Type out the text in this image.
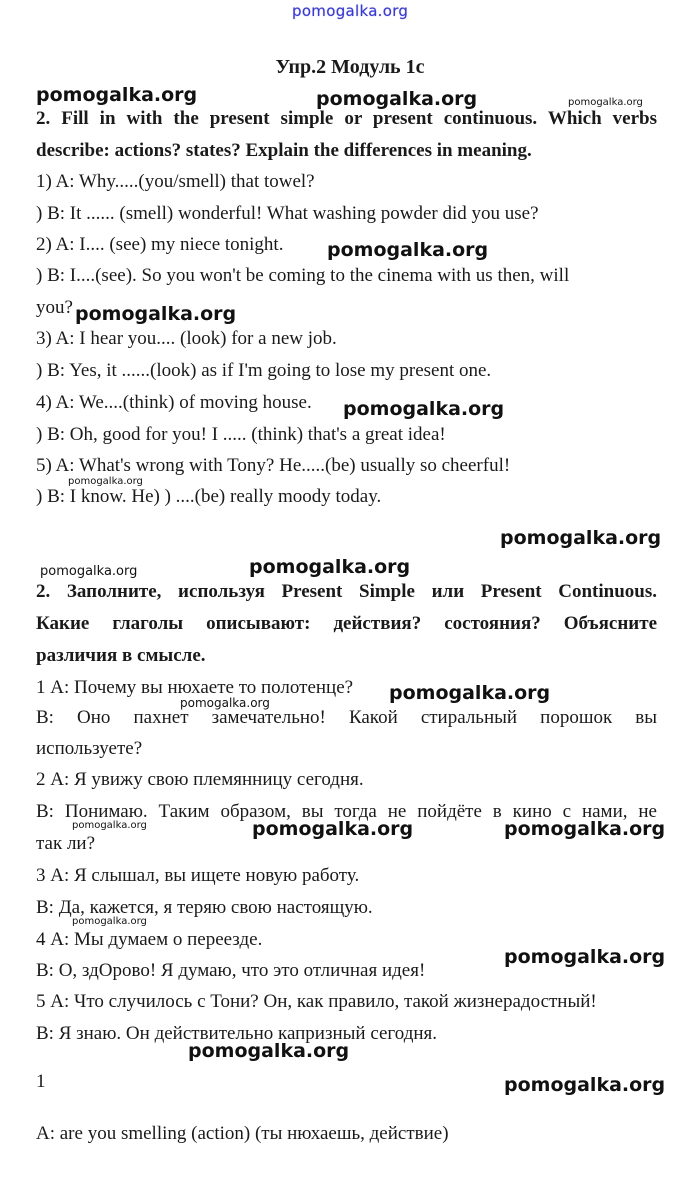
pomogalka.org
Упр.2 Модуль 1с
2. Fill in with the present simple or present continuous. Which verbs
describe: actions? states? Explain the differences in meaning.
1) A: Why.....(you/smell) that towel?
) B: It ...... (smell) wonderful! What washing powder did you use?
2) A: I.... (see) my niece tonight.
) B: I....(see). So you won't be coming to the cinema with us then, will
you?
3) A: I hear you.... (look) for a new job.
) B: Yes, it ......(look) as if I'm going to lose my present one.
4) A: We....(think) of moving house.
) B: Oh, good for you! I ..... (think) that's a great idea!
5) A: What's wrong with Tony? He.....(be) usually so cheerful!
) B: I know. He) ) ....(be) really moody today.
2. Заполните, используя Present Simple или Present Continuous.
Какие глаголы описывают: действия? состояния? Объясните
различия в смысле.
1 А: Почему вы нюхаете то полотенце?
В: Оно пахнет замечательно! Какой стиральный порошок вы
используете?
2 А: Я увижу свою племянницу сегодня.
В: Понимаю. Таким образом, вы тогда не пойдёте в кино с нами, не
так ли?
3 А: Я слышал, вы ищете новую работу.
В: Да, кажется, я теряю свою настоящую.
4 А: Мы думаем о переезде.
В: О, здОрово! Я думаю, что это отличная идея!
5 А: Что случилось с Тони? Он, как правило, такой жизнерадостный!
В: Я знаю. Он действительно капризный сегодня.
1
A: are you smelling (action) (ты нюхаешь, действие)
pomogalka.org	pomogalka.org	pomogalka.org
pomogalka.org
pomogalka.org
pomogalka.org
pomogalka.org
pomogalka.org
pomogalka.org
pomogalka.org
pomogalka.org
pomogalka.org
pomogalka.org	pomogalka.org	pomogalka.org
pomogalka.org
pomogalka.org
pomogalka.org
pomogalka.org
